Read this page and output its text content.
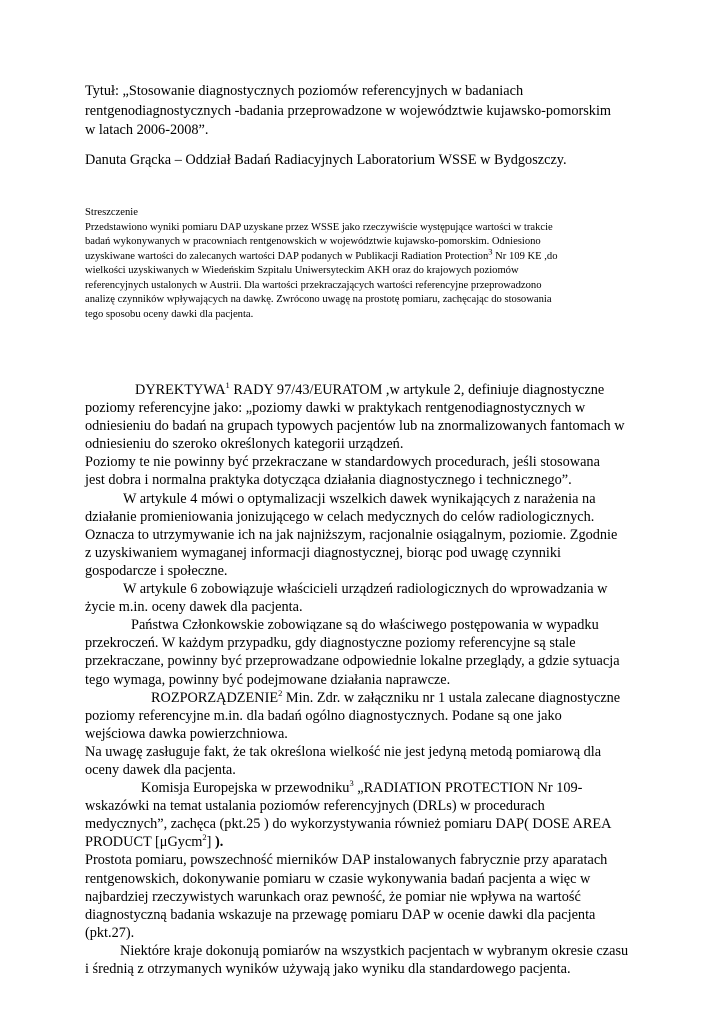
Tytuł: „Stosowanie diagnostycznych poziomów referencyjnych w badaniach
rentgenodiagnostycznych -badania przeprowadzone w województwie kujawsko-pomorskim
w latach 2006-2008”.
Danuta Grącka – Oddział Badań Radiacyjnych Laboratorium WSSE w Bydgoszczy.
Streszczenie
Przedstawiono wyniki pomiaru DAP uzyskane przez WSSE jako rzeczywiście występujące wartości w trakcie
badań wykonywanych w pracowniach rentgenowskich w województwie kujawsko-pomorskim. Odniesiono
uzyskiwane wartości do zalecanych wartości DAP podanych w Publikacji Radiation Protection$^3$ Nr 109 KE ,do
wielkości uzyskiwanych w Wiedeńskim Szpitalu Uniwersyteckim AKH oraz do krajowych poziomów
referencyjnych ustalonych w Austrii. Dla wartości przekraczających wartości referencyjne przeprowadzono
analizę czynników wpływających na dawkę. Zwrócono uwagę na prostotę pomiaru, zachęcając do stosowania
tego sposobu oceny dawki dla pacjenta.
DYREKTYWA$^1$ RADY 97/43/EURATOM ,w artykule 2, definiuje diagnostyczne
poziomy referencyjne jako: „poziomy dawki w praktykach rentgenodiagnostycznych w
odniesieniu do badań na grupach typowych pacjentów lub na znormalizowanych fantomach w
odniesieniu do szeroko określonych kategorii urządzeń.
Poziomy te nie powinny być przekraczane w standardowych procedurach, jeśli stosowana
jest dobra i normalna praktyka dotycząca działania diagnostycznego i technicznego”.
W artykule 4 mówi o optymalizacji wszelkich dawek wynikających z narażenia na
działanie promieniowania jonizującego w celach medycznych do celów radiologicznych.
Oznacza to utrzymywanie ich na jak najniższym, racjonalnie osiągalnym, poziomie. Zgodnie
z uzyskiwaniem wymaganej informacji diagnostycznej, biorąc pod uwagę czynniki
gospodarcze i społeczne.
W artykule 6 zobowiązuje właścicieli urządzeń radiologicznych do wprowadzania w
życie m.in. oceny dawek dla pacjenta.
Państwa Członkowskie zobowiązane są do właściwego postępowania w wypadku
przekroczeń. W każdym przypadku, gdy diagnostyczne poziomy referencyjne są stale
przekraczane, powinny być przeprowadzane odpowiednie lokalne przeglądy, a gdzie sytuacja
tego wymaga, powinny być podejmowane działania naprawcze.
ROZPORZĄDZENIE$^2$ Min. Zdr. w załączniku nr 1 ustala zalecane diagnostyczne
poziomy referencyjne m.in. dla badań ogólno diagnostycznych. Podane są one jako
wejściowa dawka powierzchniowa.
Na uwagę zasługuje fakt, że tak określona wielkość nie jest jedyną metodą pomiarową dla
oceny dawek dla pacjenta.
Komisja Europejska w przewodniku$^3$ „RADIATION PROTECTION Nr 109-
wskazówki na temat ustalania poziomów referencyjnych (DRLs) w procedurach
medycznych”, zachęca (pkt.25 ) do wykorzystywania również pomiaru DAP( DOSE AREA
PRODUCT [μGycm$^2$] ).
Prostota pomiaru, powszechność mierników DAP instalowanych fabrycznie przy aparatach
rentgenowskich, dokonywanie pomiaru w czasie wykonywania badań pacjenta a więc w
najbardziej rzeczywistych warunkach oraz pewność, że pomiar nie wpływa na wartość
diagnostyczną badania wskazuje na przewagę pomiaru DAP w ocenie dawki dla pacjenta
(pkt.27).
Niektóre kraje dokonują pomiarów na wszystkich pacjentach w wybranym okresie czasu
i średnią z otrzymanych wyników używają jako wyniku dla standardowego pacjenta.
